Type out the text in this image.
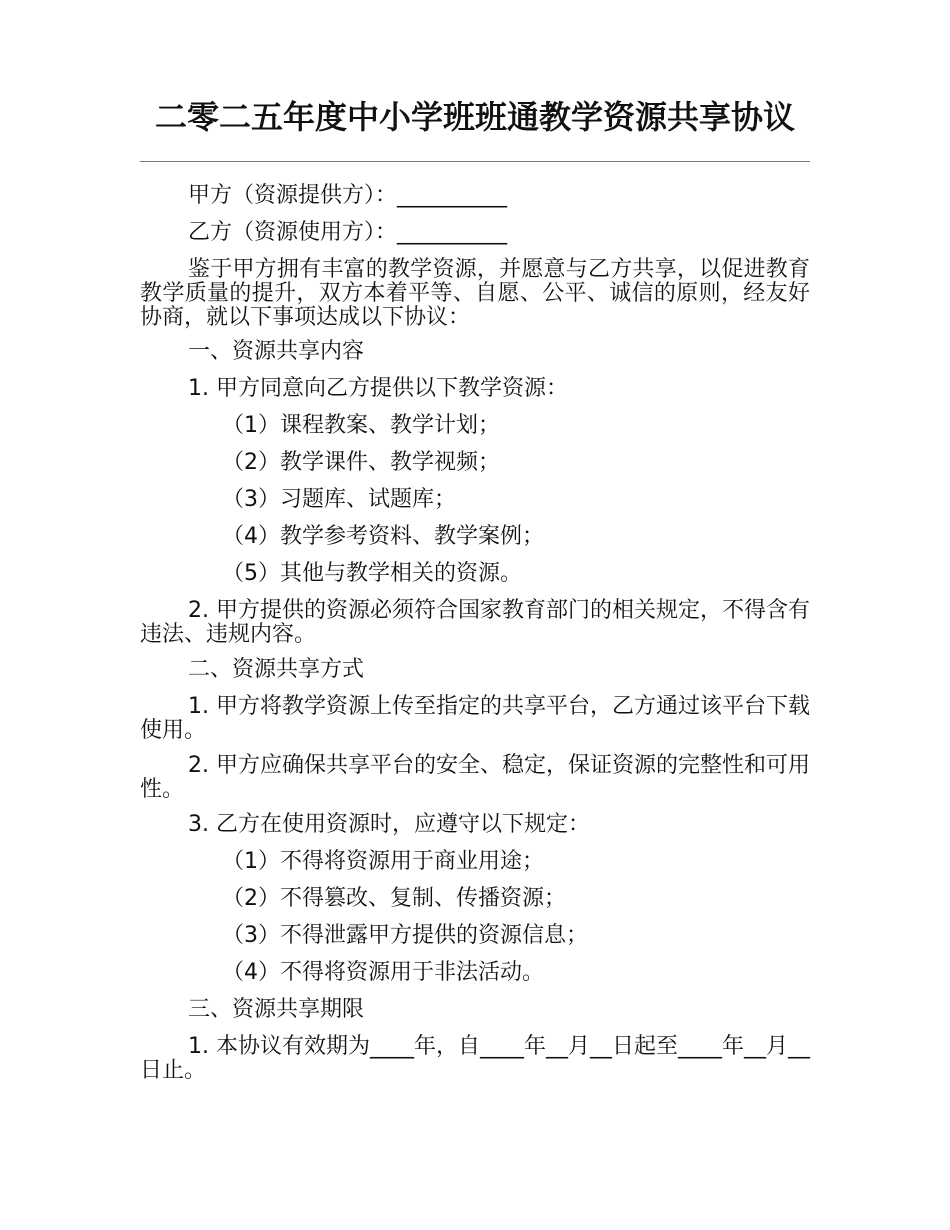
二零二五年度中小学班班通教学资源共享协议

甲方（资源提供方）：__________

乙方（资源使用方）：__________

鉴于甲方拥有丰富的教学资源，并愿意与乙方共享，以促进教育教学质量的提升，双方本着平等、自愿、公平、诚信的原则，经友好协商，就以下事项达成以下协议：

一、资源共享内容

1. 甲方同意向乙方提供以下教学资源：

（1）课程教案、教学计划；

（2）教学课件、教学视频；

（3）习题库、试题库；

（4）教学参考资料、教学案例；

（5）其他与教学相关的资源。

2. 甲方提供的资源必须符合国家教育部门的相关规定，不得含有违法、违规内容。

二、资源共享方式

1. 甲方将教学资源上传至指定的共享平台，乙方通过该平台下载使用。

2. 甲方应确保共享平台的安全、稳定，保证资源的完整性和可用性。

3. 乙方在使用资源时，应遵守以下规定：

（1）不得将资源用于商业用途；

（2）不得篡改、复制、传播资源；

（3）不得泄露甲方提供的资源信息；

（4）不得将资源用于非法活动。

三、资源共享期限

1. 本协议有效期为____年，自____年__月__日起至____年__月__日止。
